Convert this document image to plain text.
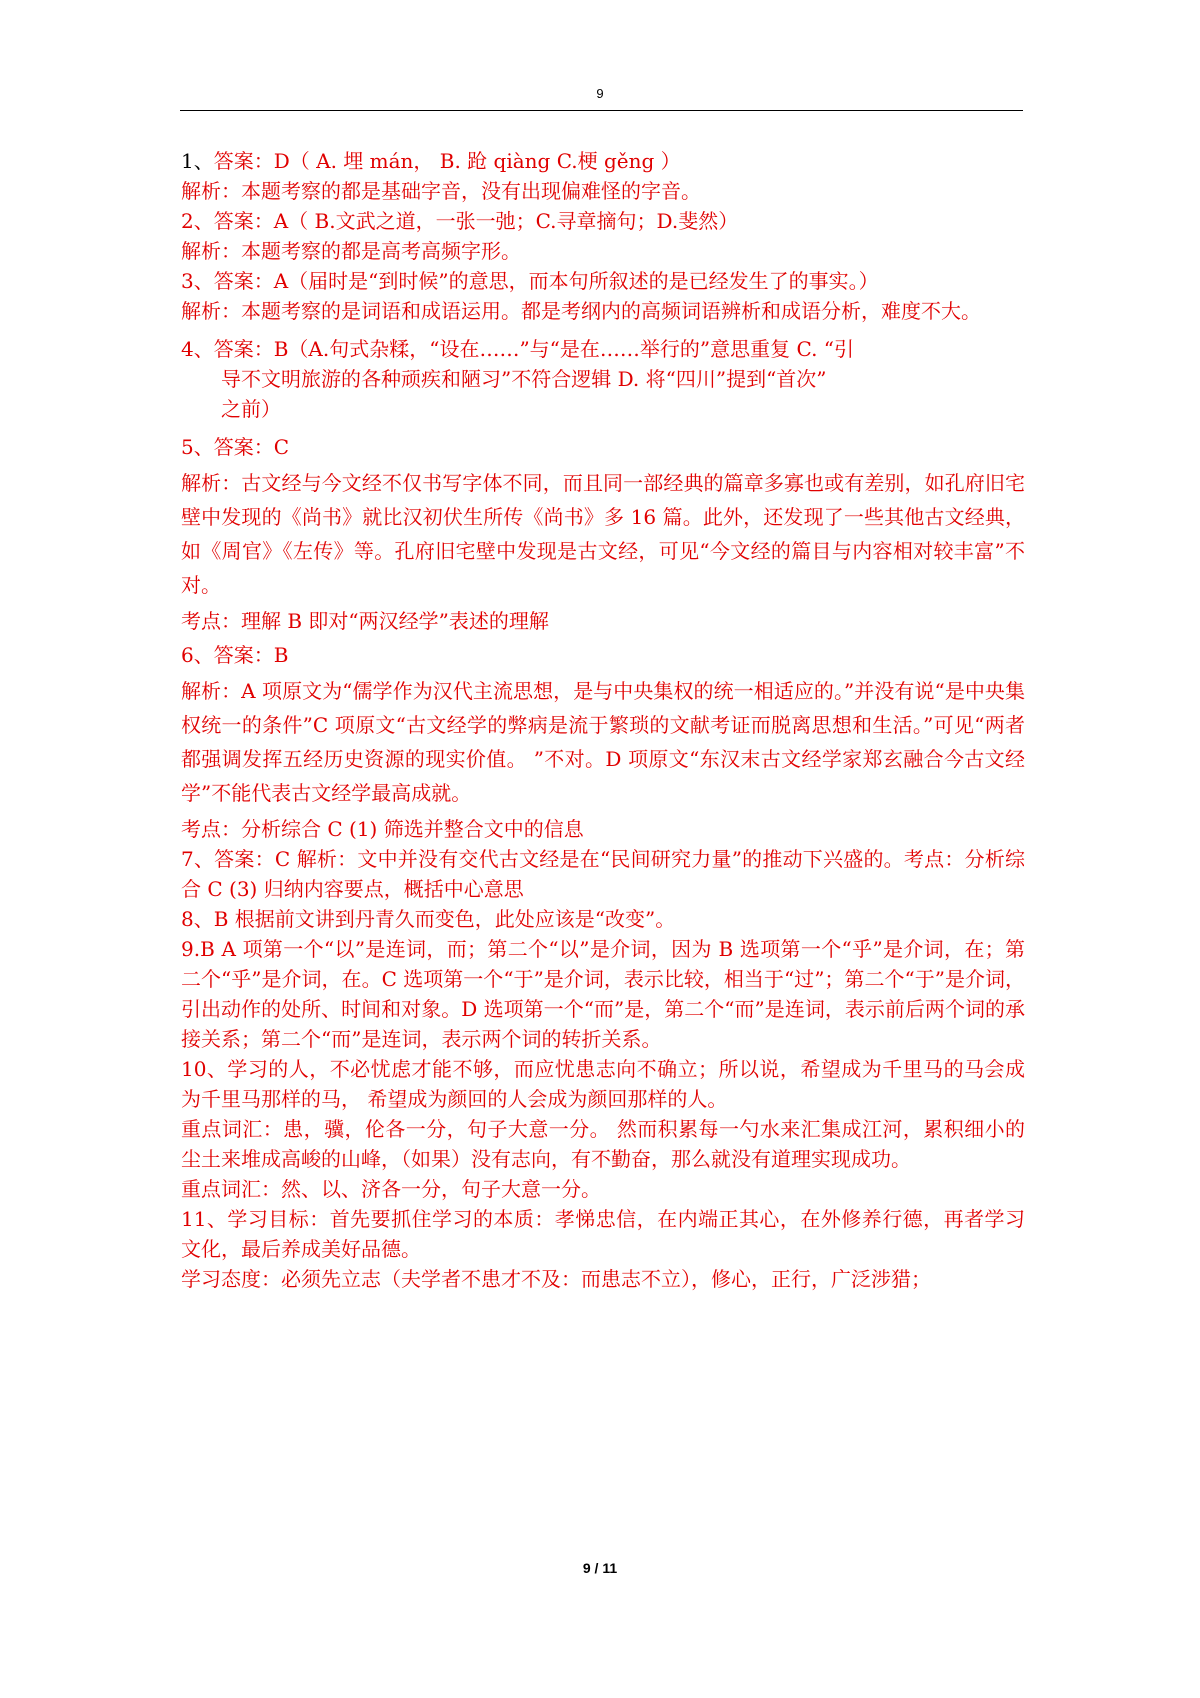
9
1、答案：D（ A. 埋 mán， B. 跄 qiàng C.梗 gěng ）
解析：本题考察的都是基础字音，没有出现偏难怪的字音。
2、答案：A（ B.文武之道，一张一弛；C.寻章摘句；D.斐然）
解析：本题考察的都是高考高频字形。
3、答案：A（届时是“到时候”的意思，而本句所叙述的是已经发生了的事实。）
解析：本题考察的是词语和成语运用。都是考纲内的高频词语辨析和成语分析，难度不大。
4、答案：B（A.句式杂糅，“设在……”与“是在……举行的”意思重复 C. “引
导不文明旅游的各种顽疾和陋习”不符合逻辑 D. 将“四川”提到“首次”
之前）
5、答案：C
解析：古文经与今文经不仅书写字体不同，而且同一部经典的篇章多寡也或有差别，如孔府旧宅壁中发现的《尚书》就比汉初伏生所传《尚书》多 16 篇。此外，还发现了一些其他古文经典，如《周官》《左传》等。孔府旧宅壁中发现是古文经，可见“今文经的篇目与内容相对较丰富”不对。
考点：理解 B 即对“两汉经学”表述的理解
6、答案：B
解析：A 项原文为“儒学作为汉代主流思想，是与中央集权的统一相适应的。”并没有说“是中央集权统一的条件”C 项原文“古文经学的弊病是流于繁琐的文献考证而脱离思想和生活。”可见“两者都强调发挥五经历史资源的现实价值。 ”不对。D 项原文“东汉末古文经学家郑玄融合今古文经学”不能代表古文经学最高成就。
考点：分析综合 C (1) 筛选并整合文中的信息
7、答案：C 解析：文中并没有交代古文经是在“民间研究力量”的推动下兴盛的。考点：分析综合 C (3) 归纳内容要点，概括中心意思
8、B 根据前文讲到丹青久而变色，此处应该是“改变”。
9.B A 项第一个“以”是连词，而；第二个“以”是介词，因为 B 选项第一个“乎”是介词，在；第二个“乎”是介词，在。C 选项第一个“于”是介词，表示比较，相当于“过”；第二个“于”是介词，引出动作的处所、时间和对象。D 选项第一个“而”是，第二个“而”是连词，表示前后两个词的承接关系；第二个“而”是连词，表示两个词的转折关系。
10、学习的人，不必忧虑才能不够，而应忧患志向不确立；所以说，希望成为千里马的马会成为千里马那样的马， 希望成为颜回的人会成为颜回那样的人。
重点词汇：患，骥，伦各一分，句子大意一分。 然而积累每一勺水来汇集成江河，累积细小的尘土来堆成高峻的山峰，（如果）没有志向，有不勤奋，那么就没有道理实现成功。
重点词汇：然、以、济各一分，句子大意一分。
11、学习目标：首先要抓住学习的本质：孝悌忠信，在内端正其心，在外修养行德，再者学习文化，最后养成美好品德。
学习态度：必须先立志（夫学者不患才不及：而患志不立），修心，正行，广泛涉猎；
9 / 11
